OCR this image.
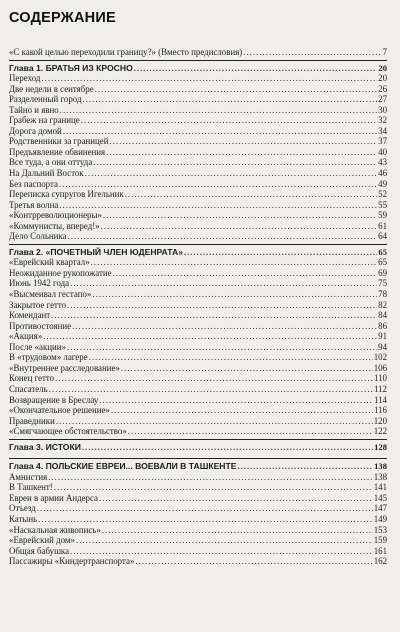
СОДЕРЖАНИЕ
«С какой целью переходили границу?» (Вместо предисловия) .....	7
Глава 1. БРАТЬЯ ИЗ КРОСНО .....	20
Переход .....	20
Две недели в сентябре .....	26
Разделенный город .....	27
Тайно и явно .....	30
Грабеж на границе .....	32
Дорога домой .....	34
Родственники за границей .....	37
Предъявление обвинения .....	40
Все туда, а они оттуда .....	43
На Дальний Восток .....	46
Без паспорта .....	49
Переписка супругов Игельник .....	52
Третья волна .....	55
«Контрреволюционеры» .....	59
«Коммунисты, вперед!» .....	61
Дело Сольника .....	64
Глава 2. «ПОЧЕТНЫЙ ЧЛЕН ЮДЕНРАТА» .....	65
«Еврейский квартал» .....	65
Неожиданное рукопожатие .....	69
Июнь 1942 года .....	75
«Высмеивал гестапо» .....	78
Закрытое гетто .....	82
Комендант .....	84
Противостояние .....	86
«Акция» .....	91
После «акции» .....	94
В «трудовом» лагере .....	102
«Внутреннее расследование» .....	106
Конец гетто .....	110
Спасатель .....	112
Возвращение в Бреслау .....	114
«Окончательное решение» .....	116
Праведники .....	120
«Смягчающее обстоятельство» .....	122
Глава 3. ИСТОКИ .....	128
Глава 4. ПОЛЬСКИЕ ЕВРЕИ... ВОЕВАЛИ В ТАШКЕНТЕ .....	138
Амнистия .....	138
В Ташкент! .....	141
Евреи в армии Андерса .....	145
Отъезд .....	147
Катынь .....	149
«Наскальная живопись» .....	153
«Еврейский дом» .....	159
Общая бабушка .....	161
Пассажиры «Киндертранспорта» .....	162
